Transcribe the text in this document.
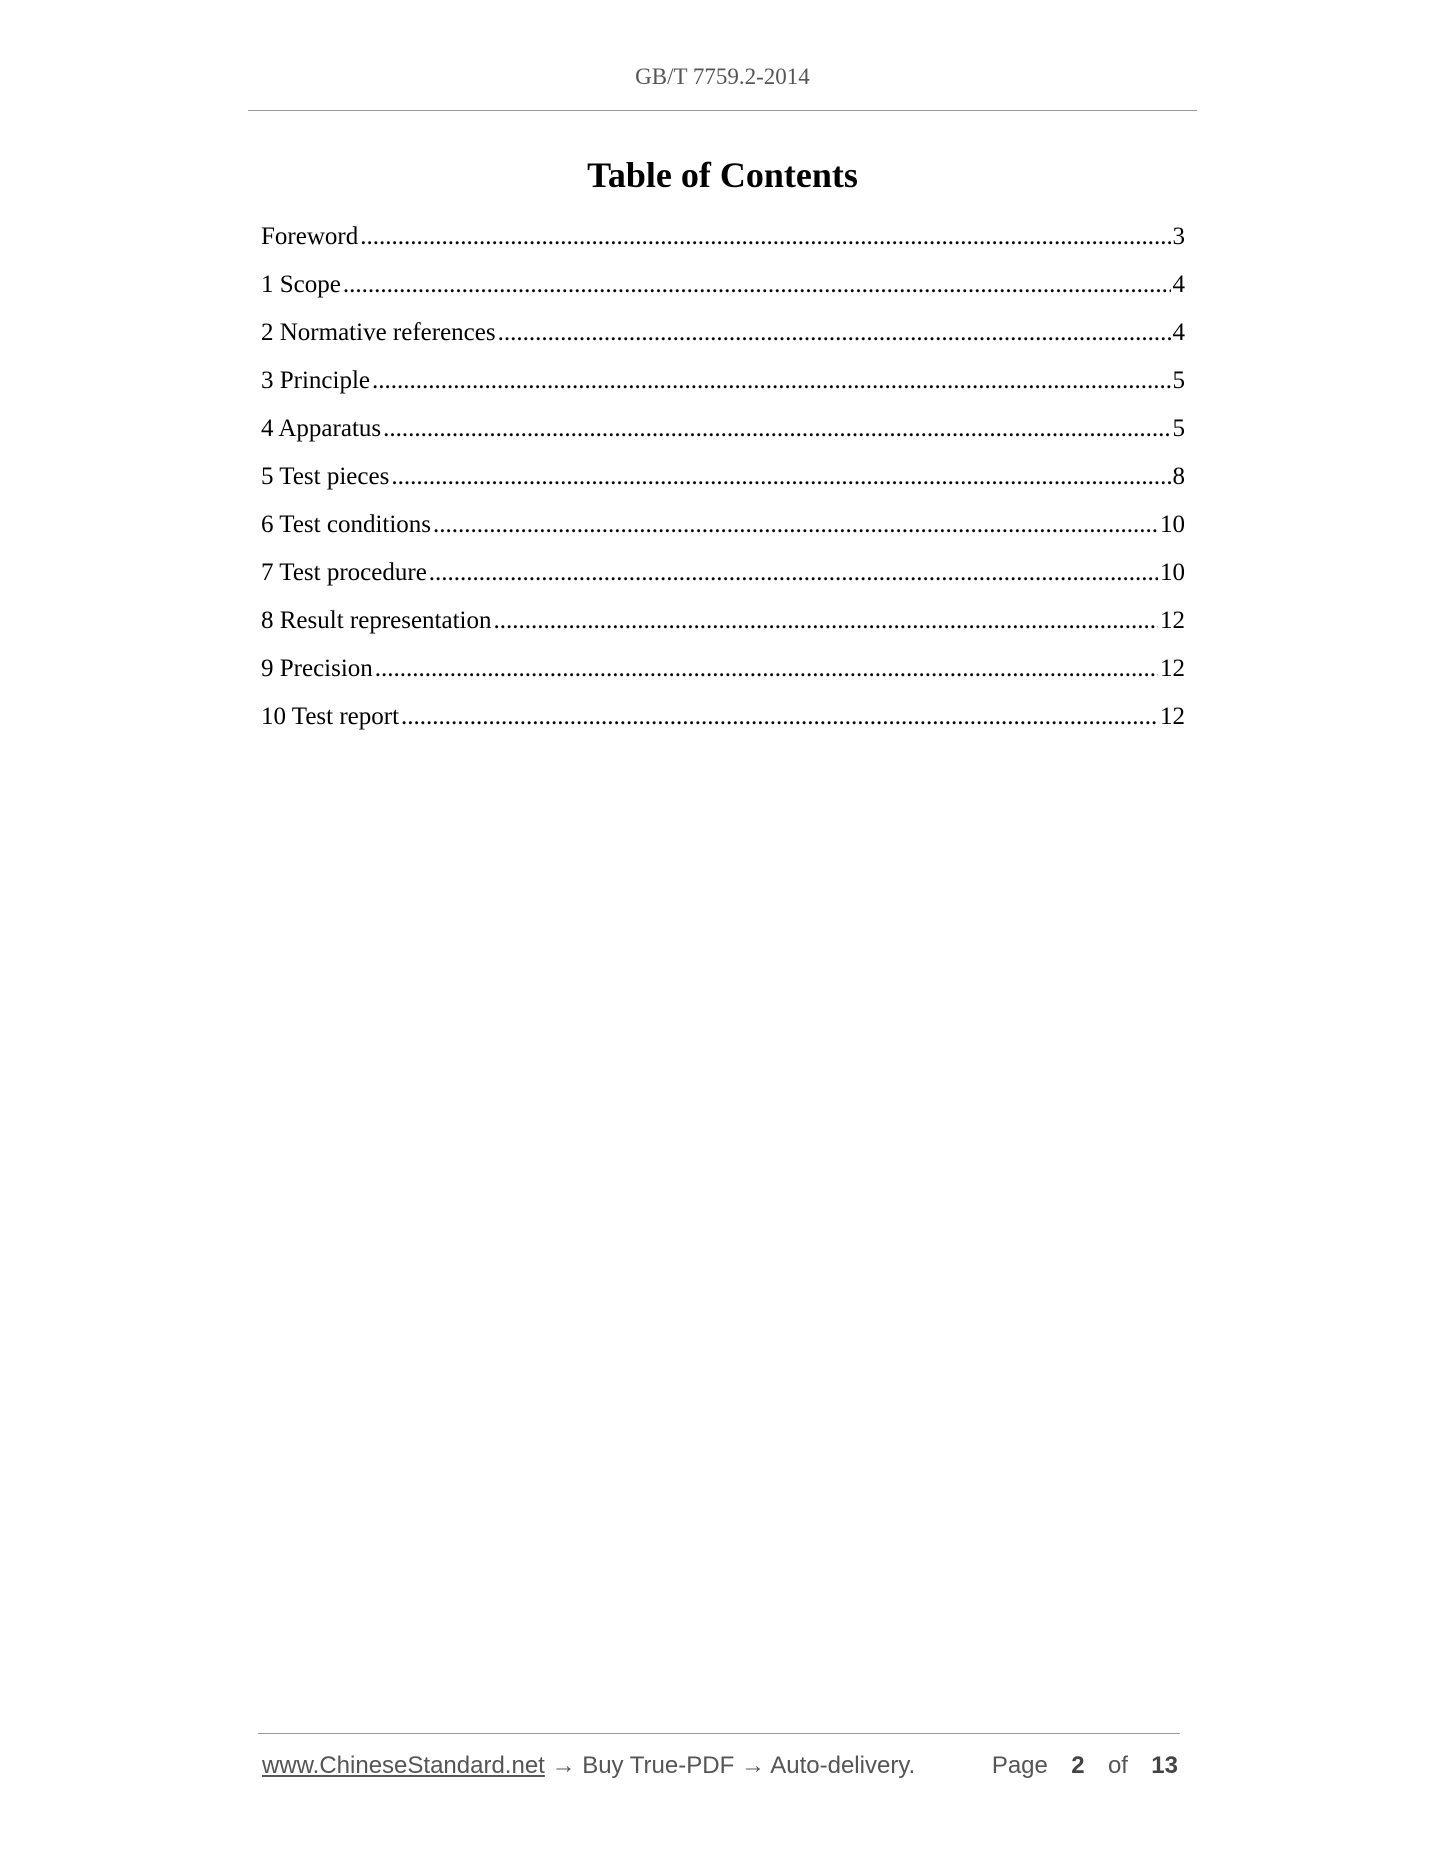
GB/T 7759.2-2014
Table of Contents
Foreword .....	3
1 Scope .....	4
2 Normative references .....	4
3 Principle .....	5
4 Apparatus .....	5
5 Test pieces .....	8
6 Test conditions .....	10
7 Test procedure .....	10
8 Result representation .....	12
9 Precision .....	12
10 Test report .....	12
www.ChineseStandard.net → Buy True-PDF → Auto-delivery.	Page 2 of 13
